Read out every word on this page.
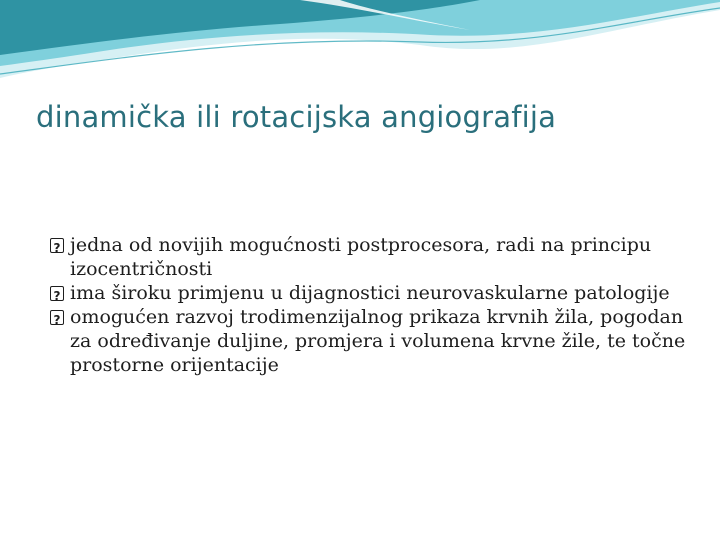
dinamička ili rotacijska angiografija
?
jedna od novijih mogućnosti postprocesora, radi na principu izocentričnosti
?
ima široku primjenu u dijagnostici neurovaskularne patologije
?
omogućen razvoj trodimenzijalnog prikaza krvnih žila, pogodan za određivanje duljine, promjera i volumena krvne žile, te točne prostorne orijentacije
